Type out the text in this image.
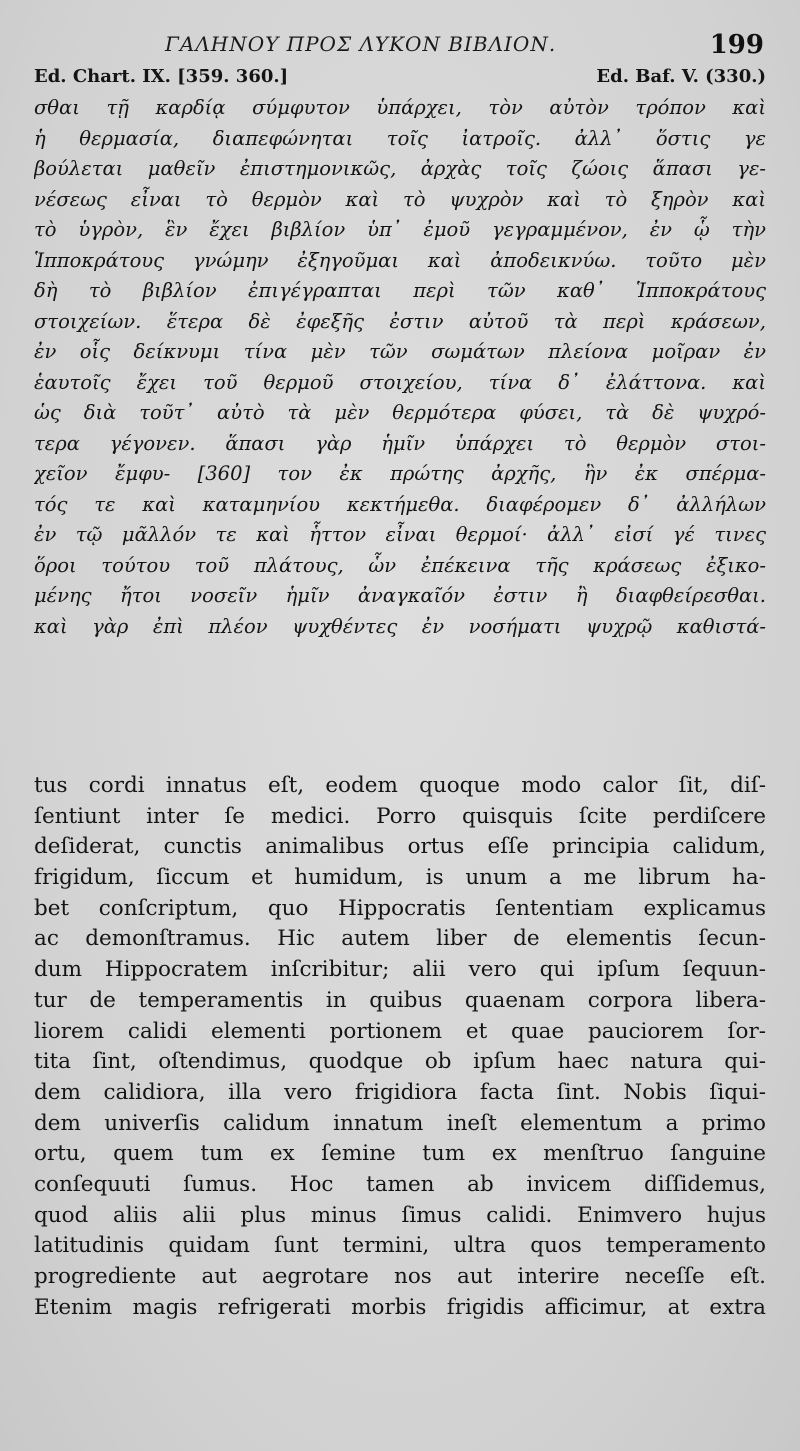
ΓΑΛΗΝΟΥ ΠΡΟΣ ΛΥΚΟΝ ΒΙΒΛΙΟΝ.	199
Ed. Chart. IX. [359. 360.]	Ed. Baf. V. (330.)
σθαι τῇ καρδίᾳ σύμφυτον ὑπάρχει, τὸν αὐτὸν τρόπον καὶ
ἡ θερμασία, διαπεφώνηται τοῖς ἰατροῖς. ἀλλ᾽ ὅστις γε
βούλεται μαθεῖν ἐπιστημονικῶς, ἀρχὰς τοῖς ζώοις ἅπασι γε-
νέσεως εἶναι τὸ θερμὸν καὶ τὸ ψυχρὸν καὶ τὸ ξηρὸν καὶ
τὸ ὑγρὸν, ἓν ἔχει βιβλίον ὑπ᾽ ἐμοῦ γεγραμμένον, ἐν ᾧ τὴν
Ἱπποκράτους γνώμην ἐξηγοῦμαι καὶ ἀποδεικνύω. τοῦτο μὲν
δὴ τὸ βιβλίον ἐπιγέγραπται περὶ τῶν καθ᾽ Ἱπποκράτους
στοιχείων. ἕτερα δὲ ἐφεξῆς ἐστιν αὐτοῦ τὰ περὶ κράσεων,
ἐν οἷς δείκνυμι τίνα μὲν τῶν σωμάτων πλείονα μοῖραν ἐν
ἑαυτοῖς ἔχει τοῦ θερμοῦ στοιχείου, τίνα δ᾽ ἐλάττονα. καὶ
ὡς διὰ τοῦτ᾽ αὐτὸ τὰ μὲν θερμότερα φύσει, τὰ δὲ ψυχρό-
τερα γέγονεν. ἅπασι γὰρ ἡμῖν ὑπάρχει τὸ θερμὸν στοι-
χεῖον ἔμφυ- [360] τον ἐκ πρώτης ἀρχῆς, ἣν ἐκ σπέρμα-
τός τε καὶ καταμηνίου κεκτήμεθα. διαφέρομεν δ᾽ ἀλλήλων
ἐν τῷ μᾶλλόν τε καὶ ἧττον εἶναι θερμοί· ἀλλ᾽ εἰσί γέ τινες
ὅροι τούτου τοῦ πλάτους, ὧν ἐπέκεινα τῆς κράσεως ἐξικο-
μένης ἤτοι νοσεῖν ἡμῖν ἀναγκαῖόν ἐστιν ἢ διαφθείρεσθαι.
καὶ γὰρ ἐπὶ πλέον ψυχθέντες ἐν νοσήματι ψυχρῷ καθιστά-
tus cordi innatus eſt, eodem quoque modo calor ſit, diſ-
ſentiunt inter ſe medici. Porro quisquis ſcite perdiſcere
deſiderat, cunctis animalibus ortus eſſe principia calidum,
frigidum, ſiccum et humidum, is unum a me librum ha-
bet conſcriptum, quo Hippocratis ſententiam explicamus
ac demonſtramus. Hic autem liber de elementis ſecun-
dum Hippocratem inſcribitur; alii vero qui ipſum ſequun-
tur de temperamentis in quibus quaenam corpora libera-
liorem calidi elementi portionem et quae pauciorem ſor-
tita ſint, oſtendimus, quodque ob ipſum haec natura qui-
dem calidiora, illa vero frigidiora facta ſint. Nobis ſiqui-
dem univerſis calidum innatum ineſt elementum a primo
ortu, quem tum ex ſemine tum ex menſtruo ſanguine
conſequuti ſumus. Hoc tamen ab invicem diſſidemus,
quod aliis alii plus minus ſimus calidi. Enimvero hujus
latitudinis quidam ſunt termini, ultra quos temperamento
progrediente aut aegrotare nos aut interire neceſſe eſt.
Etenim magis refrigerati morbis frigidis afficimur, at extra
